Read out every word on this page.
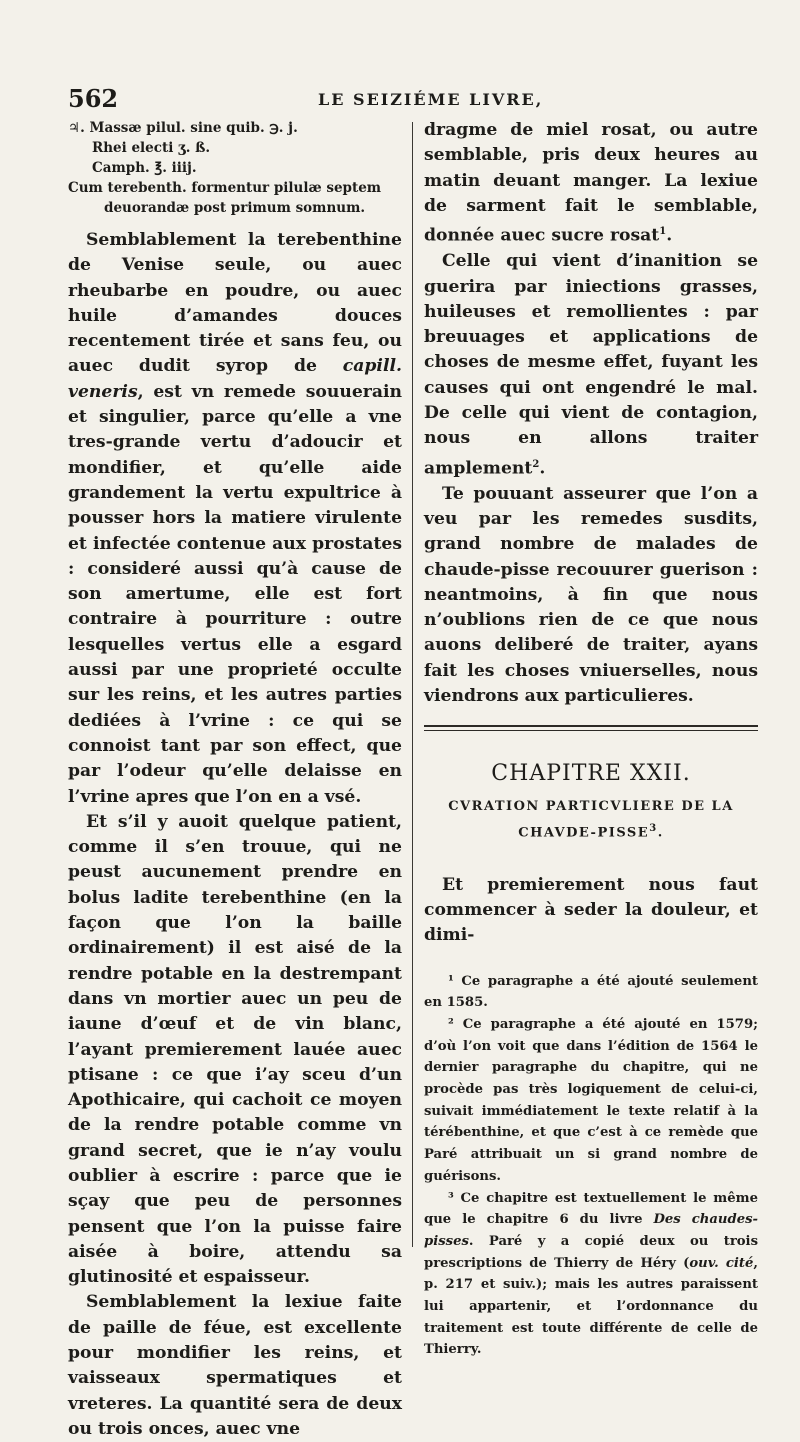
562	LE SEIZIÉME LIVRE,
♃. Massæ pilul. sine quib. ℈. j.
Rhei electi ʒ. ß.
Camph. ℥. iiij.
Cum terebenth. formentur pilulæ septem
deuorandæ post primum somnum.

Semblablement la terebenthine de Venise seule, ou auec rheubarbe en poudre, ou auec huile d’amandes douces recentement tirée et sans feu, ou auec dudit syrop de capill. veneris, est vn remede souuerain et singulier, parce qu’elle a vne tres-grande vertu d’adoucir et mondifier, et qu’elle aide grandement la vertu expultrice à pousser hors la matiere virulente et infectée contenue aux prostates : consideré aussi qu’à cause de son amertume, elle est fort contraire à pourriture : outre lesquelles vertus elle a esgard aussi par une proprieté occulte sur les reins, et les autres parties dediées à l’vrine : ce qui se connoist tant par son effect, que par l’odeur qu’elle delaisse en l’vrine apres que l’on en a vsé.

Et s’il y auoit quelque patient, comme il s’en trouue, qui ne peust aucunement prendre en bolus ladite terebenthine (en la façon que l’on la baille ordinairement) il est aisé de la rendre potable en la destrempant dans vn mortier auec un peu de iaune d’œuf et de vin blanc, l’ayant premierement lauée auec ptisane : ce que i’ay sceu d’un Apothicaire, qui cachoit ce moyen de la rendre potable comme vn grand secret, que ie n’ay voulu oublier à escrire : parce que ie sçay que peu de personnes pensent que l’on la puisse faire aisée à boire, attendu sa glutinosité et espaisseur.

Semblablement la lexiue faite de paille de féue, est excellente pour mondifier les reins, et vaisseaux spermatiques et vreteres. La quantité sera de deux ou trois onces, auec vne

dragme de miel rosat, ou autre semblable, pris deux heures au matin deuant manger. La lexiue de sarment fait le semblable, donnée auec sucre rosat$^1$.

Celle qui vient d’inanition se guerira par iniections grasses, huileuses et remollientes : par breuuages et applications de choses de mesme effet, fuyant les causes qui ont engendré le mal. De celle qui vient de contagion, nous en allons traiter amplement$^2$.

Te pouuant asseurer que l’on a veu par les remedes susdits, grand nombre de malades de chaude-pisse recouurer guerison : neantmoins, à fin que nous n’oublions rien de ce que nous auons deliberé de traiter, ayans fait les choses vniuerselles, nous viendrons aux particulieres.

CHAPITRE XXII.
CVRATION PARTICVLIERE DE LA
CHAVDE-PISSE$^3$.

Et premierement nous faut commencer à seder la douleur, et dimi-

¹ Ce paragraphe a été ajouté seulement en 1585.

² Ce paragraphe a été ajouté en 1579; d’où l’on voit que dans l’édition de 1564 le dernier paragraphe du chapitre, qui ne procède pas très logiquement de celui-ci, suivait immédiatement le texte relatif à la térébenthine, et que c’est à ce remède que Paré attribuait un si grand nombre de guérisons.

³ Ce chapitre est textuellement le même que le chapitre 6 du livre Des chaudes-pisses. Paré y a copié deux ou trois prescriptions de Thierry de Héry (ouv. cité, p. 217 et suiv.); mais les autres paraissent lui appartenir, et l’ordonnance du traitement est toute différente de celle de Thierry.
